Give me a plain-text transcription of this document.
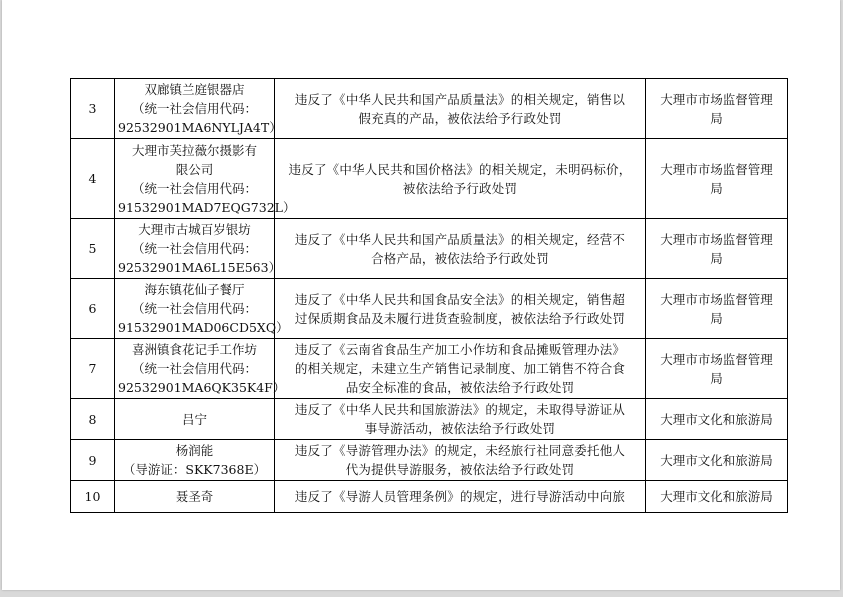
3	双廊镇兰庭银器店
（统一社会信用代码：
92532901MA6NYLJA4T）	违反了《中华人民共和国产品质量法》的相关规定，销售以
假充真的产品，被依法给予行政处罚	大理市市场监督管理
局

4	大理市芙拉薇尔摄影有
限公司
（统一社会信用代码：
91532901MAD7EQG732L）	违反了《中华人民共和国价格法》的相关规定，未明码标价，
被依法给予行政处罚	大理市市场监督管理
局

5	大理市古城百岁银坊
（统一社会信用代码：
92532901MA6L15E563）	违反了《中华人民共和国产品质量法》的相关规定，经营不
合格产品，被依法给予行政处罚	大理市市场监督管理
局

6	海东镇花仙子餐厅
（统一社会信用代码：
91532901MAD06CD5XQ）	违反了《中华人民共和国食品安全法》的相关规定，销售超
过保质期食品及未履行进货查验制度，被依法给予行政处罚	大理市市场监督管理
局

7	喜洲镇食花记手工作坊
（统一社会信用代码：
92532901MA6QK35K4F）	违反了《云南省食品生产加工小作坊和食品摊贩管理办法》
的相关规定，未建立生产销售记录制度、加工销售不符合食
品安全标准的食品，被依法给予行政处罚	大理市市场监督管理
局

8	吕宁	违反了《中华人民共和国旅游法》的规定，未取得导游证从
事导游活动，被依法给予行政处罚	大理市文化和旅游局

9	杨润能
（导游证：SKK7368E）	违反了《导游管理办法》的规定，未经旅行社同意委托他人
代为提供导游服务，被依法给予行政处罚	大理市文化和旅游局

10	聂圣奇	违反了《导游人员管理条例》的规定，进行导游活动中向旅	大理市文化和旅游局
